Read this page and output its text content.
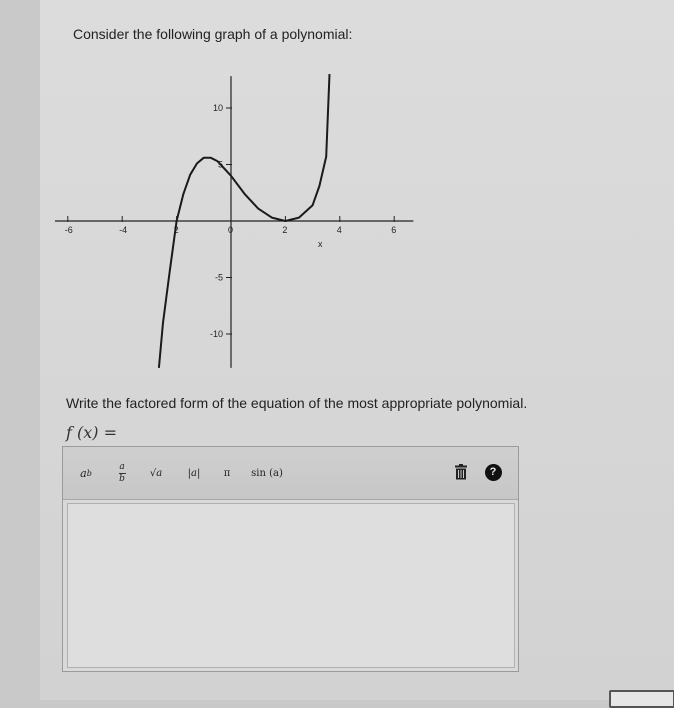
Consider the following graph of a polynomial:
-6	-4	2	0	2	4	6
x
-10
-5
5
10
Write the factored form of the equation of the most appropriate polynomial.
f (x) =
a b	$\frac{a}{b} √a$	|a| π sin (a)	?
